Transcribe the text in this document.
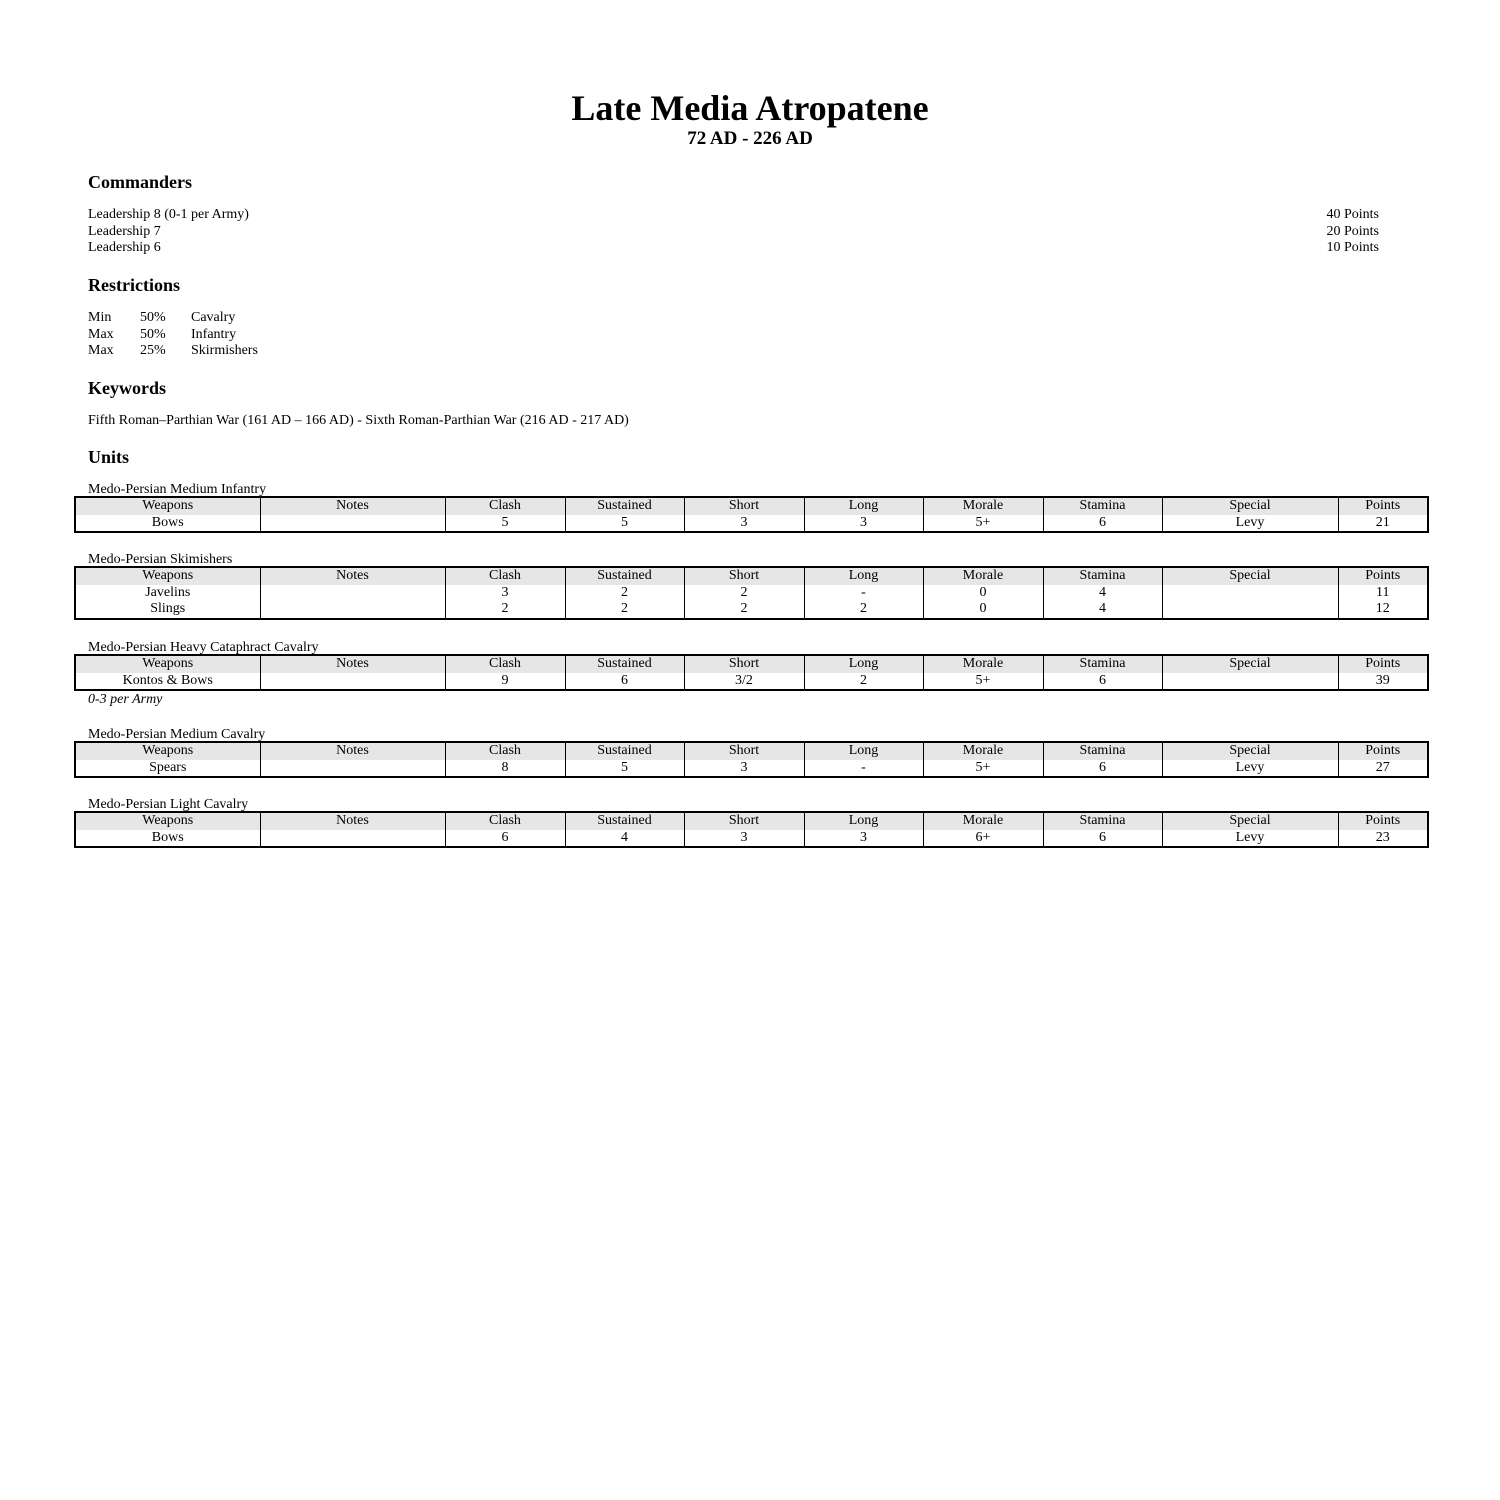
Late Media Atropatene
72 AD - 226 AD
Commanders
Leadership 8 (0-1 per Army)	40 Points
Leadership 7	20 Points
Leadership 6	10 Points
Restrictions
Min	50%	Cavalry
Max	50%	Infantry
Max	25%	Skirmishers
Keywords
Fifth Roman–Parthian War (161 AD – 166 AD) - Sixth Roman-Parthian War (216 AD - 217 AD)
Units
Medo-Persian Medium Infantry
Weapons	Notes	Clash	Sustained	Short	Long	Morale	Stamina	Special	Points
Bows		5	5	3	3	5+	6	Levy	21
Medo-Persian Skimishers
Weapons	Notes	Clash	Sustained	Short	Long	Morale	Stamina	Special	Points
Javelins		3	2	2	-	0	4		11
Slings		2	2	2	2	0	4		12
Medo-Persian Heavy Cataphract Cavalry
Weapons	Notes	Clash	Sustained	Short	Long	Morale	Stamina	Special	Points
Kontos & Bows		9	6	3/2	2	5+	6		39
0-3 per Army
Medo-Persian Medium Cavalry
Weapons	Notes	Clash	Sustained	Short	Long	Morale	Stamina	Special	Points
Spears		8	5	3	-	5+	6	Levy	27
Medo-Persian Light Cavalry
Weapons	Notes	Clash	Sustained	Short	Long	Morale	Stamina	Special	Points
Bows		6	4	3	3	6+	6	Levy	23
